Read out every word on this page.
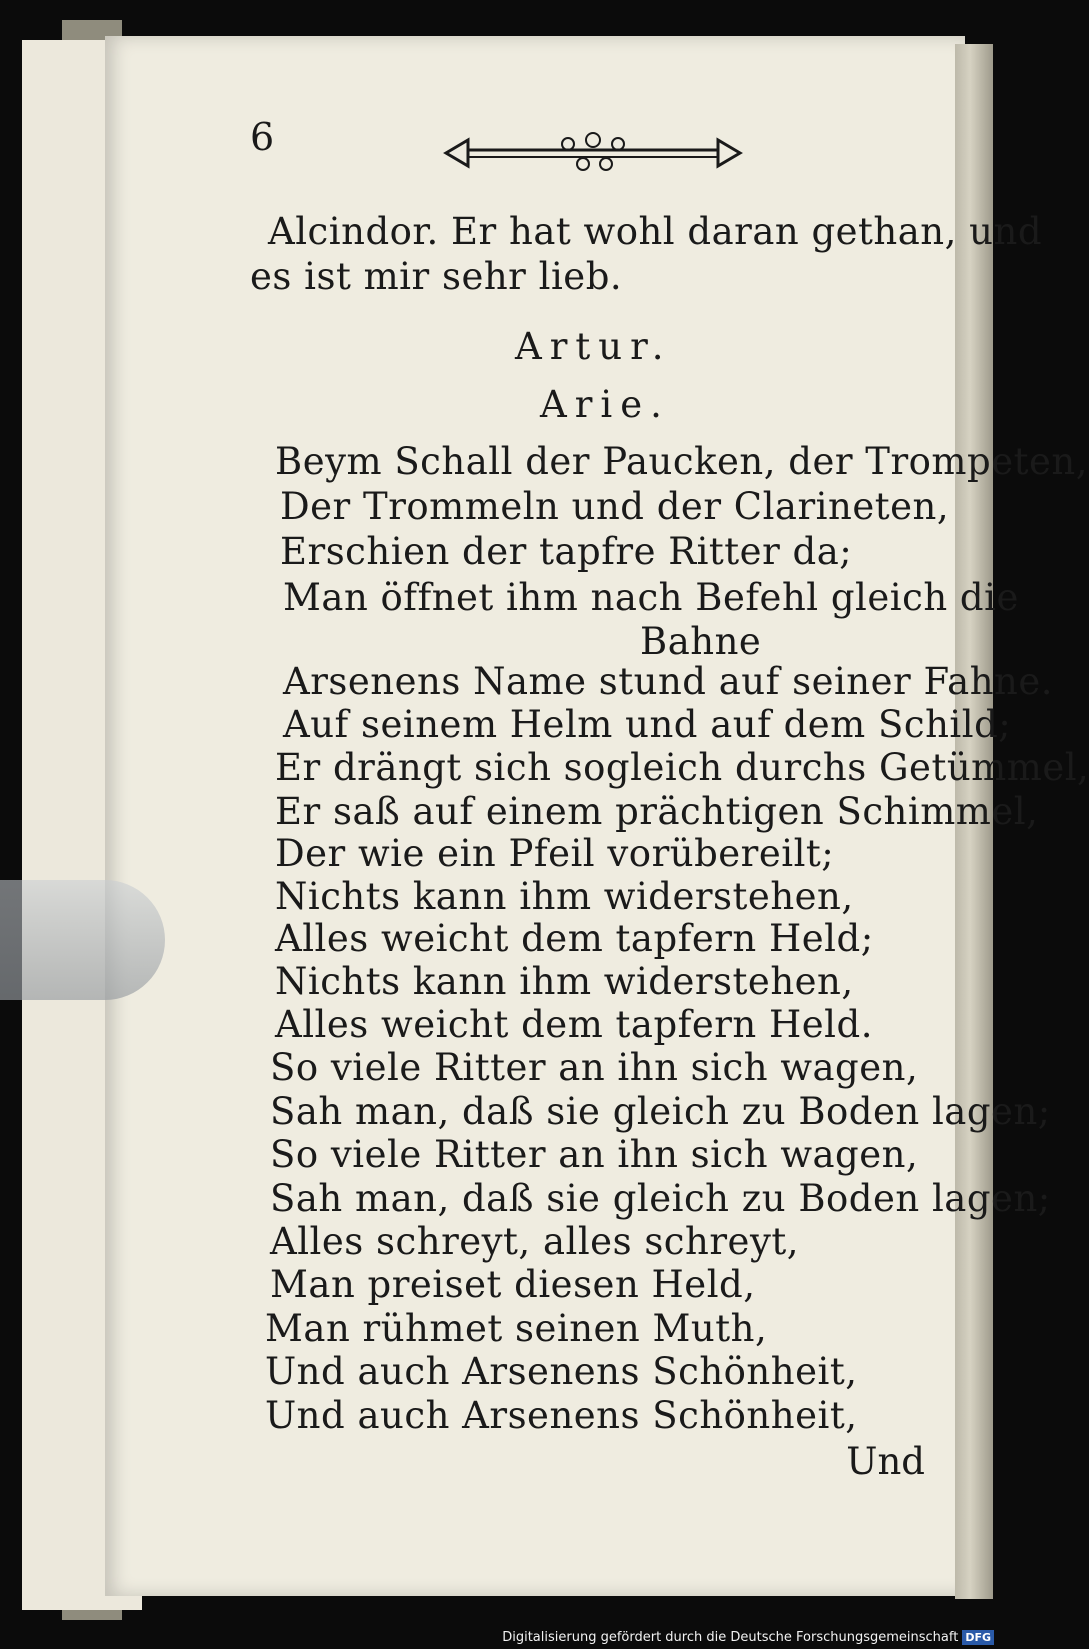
6
Alcindor. Er hat wohl daran gethan, und
es ist mir sehr lieb.
Artur.
Arie.
Beym Schall der Paucken, der Trompeten,
Der Trommeln und der Clarineten,
Erschien der tapfre Ritter da;
Man öffnet ihm nach Befehl gleich die
Bahne
Arsenens Name stund auf seiner Fahne.
Auf seinem Helm und auf dem Schild;
Er drängt sich sogleich durchs Getümmel,
Er saß auf einem prächtigen Schimmel,
Der wie ein Pfeil vorübereilt;
Nichts kann ihm widerstehen,
Alles weicht dem tapfern Held;
Nichts kann ihm widerstehen,
Alles weicht dem tapfern Held.
So viele Ritter an ihn sich wagen,
Sah man, daß sie gleich zu Boden lagen;
So viele Ritter an ihn sich wagen,
Sah man, daß sie gleich zu Boden lagen;
Alles schreyt, alles schreyt,
Man preiset diesen Held,
Man rühmet seinen Muth,
Und auch Arsenens Schönheit,
Und auch Arsenens Schönheit,
Und
Digitalisierung gefördert durch die Deutsche Forschungsgemeinschaft DFG
